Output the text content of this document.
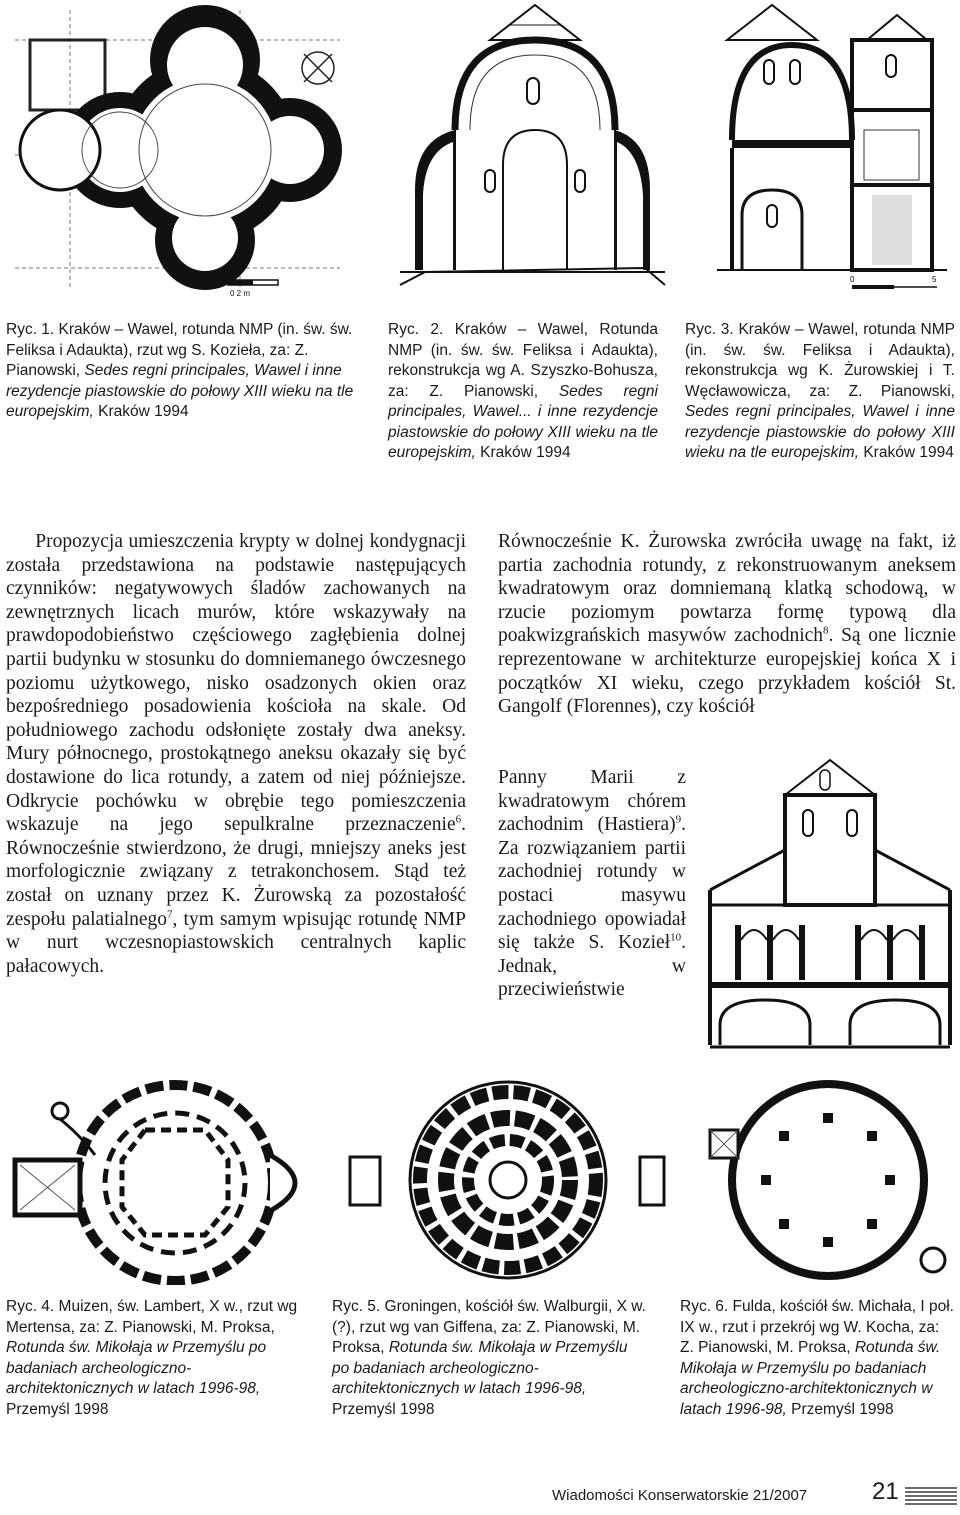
0 2 m
0	5
Ryc. 1. Kraków – Wawel, rotunda NMP (in. św. św. Feliksa i Adaukta), rzut wg S. Kozieła, za: Z. Pianowski, Sedes regni principales, Wawel i inne rezydencje piastowskie do połowy XIII wieku na tle europejskim, Kraków 1994
Ryc. 2. Kraków – Wawel, Rotunda NMP (in. św. św. Feliksa i Adaukta), rekonstrukcja wg A. Szyszko-Bohusza, za: Z. Pianowski, Sedes regni principales, Wawel... i inne rezydencje piastowskie do połowy XIII wieku na tle europejskim, Kraków 1994
Ryc. 3. Kraków – Wawel, rotunda NMP (in. św. św. Feliksa i Adaukta), rekonstrukcja wg K. Żurowskiej i T. Węcławowicza, za: Z. Pianowski, Sedes regni principales, Wawel i inne rezydencje piastowskie do połowy XIII wieku na tle europejskim, Kraków 1994

Propozycja umieszczenia krypty w dolnej kondygnacji została przedstawiona na podstawie następujących czynników: negatywowych śladów zachowanych na zewnętrznych licach murów, które wskazywały na prawdopodobieństwo częściowego zagłębienia dolnej partii budynku w stosunku do domniemanego ówczesnego poziomu użytkowego, nisko osadzonych okien oraz bezpośredniego posadowienia kościoła na skale. Od południowego zachodu odsłonięte zostały dwa aneksy. Mury północnego, prostokątnego aneksu okazały się być dostawione do lica rotundy, a zatem od niej późniejsze. Odkrycie pochówku w obrębie tego pomieszczenia wskazuje na jego sepulkralne przeznaczenie$^6$. Równocześnie stwierdzono, że drugi, mniejszy aneks jest morfologicznie związany z tetrakonchosem. Stąd też został on uznany przez K. Żurowską za pozostałość zespołu palatialnego$^7$, tym samym wpisując rotundę NMP w nurt wczesnopiastowskich centralnych kaplic pałacowych.

Równocześnie K. Żurowska zwróciła uwagę na fakt, iż partia zachodnia rotundy, z rekonstruowanym aneksem kwadratowym oraz domniemaną klatką schodową, w rzucie poziomym powtarza formę typową dla poakwizgrańskich masywów zachodnich$^8$. Są one licznie reprezentowane w architekturze europejskiej końca X i początków XI wieku, czego przykładem kościół St. Gangolf (Florennes), czy kościół

Panny Marii z kwadratowym chórem zachodnim (Hastiera)$^9$. Za rozwiązaniem partii zachodniej rotundy w postaci masywu zachodniego opowiadał się także S. Kozieł$^{10}$. Jednak, w przeciwieństwie

Ryc. 4. Muizen, św. Lambert, X w., rzut wg Mertensa, za: Z. Pianowski, M. Proksa, Rotunda św. Mikołaja w Przemyślu po badaniach archeologiczno-architektonicznych w latach 1996-98, Przemyśl 1998
Ryc. 5. Groningen, kościół św. Walburgii, X w.(?), rzut wg van Giffena, za: Z. Pianowski, M. Proksa, Rotunda św. Mikołaja w Przemyślu po badaniach archeologiczno-architektonicznych w latach 1996-98, Przemyśl 1998
Ryc. 6. Fulda, kościół św. Michała, I poł. IX w., rzut i przekrój wg W. Kocha, za: Z. Pianowski, M. Proksa, Rotunda św. Mikołaja w Przemyślu po badaniach archeologiczno-architektonicznych w latach 1996-98, Przemyśl 1998
Wiadomości Konserwatorskie 21/2007	21
